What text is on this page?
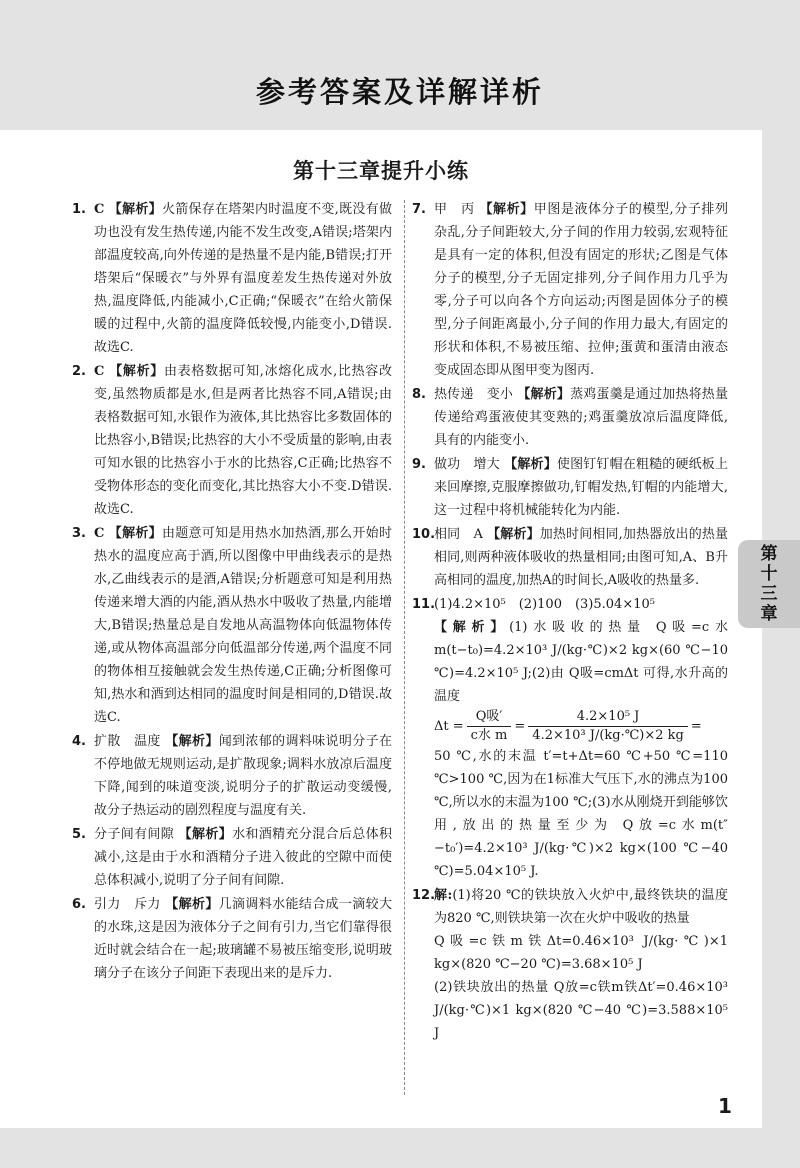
参考答案及详解详析
第
十
三
章
第十三章提升小练
1. C 【解析】火箭保存在塔架内时温度不变,既没有做功也没有发生热传递,内能不发生改变,A错误;塔架内部温度较高,向外传递的是热量不是内能,B错误;打开塔架后“保暖衣”与外界有温度差发生热传递对外放热,温度降低,内能减小,C正确;“保暖衣”在给火箭保暖的过程中,火箭的温度降低较慢,内能变小,D错误.故选C.
2. C 【解析】由表格数据可知,冰熔化成水,比热容改变,虽然物质都是水,但是两者比热容不同,A错误;由表格数据可知,水银作为液体,其比热容比多数固体的比热容小,B错误;比热容的大小不受质量的影响,由表可知水银的比热容小于水的比热容,C正确;比热容不受物体形态的变化而变化,其比热容大小不变.D错误.故选C.
3. C 【解析】由题意可知是用热水加热酒,那么开始时热水的温度应高于酒,所以图像中甲曲线表示的是热水,乙曲线表示的是酒,A错误;分析题意可知是利用热传递来增大酒的内能,酒从热水中吸收了热量,内能增大,B错误;热量总是自发地从高温物体向低温物体传递,或从物体高温部分向低温部分传递,两个温度不同的物体相互接触就会发生热传递,C正确;分析图像可知,热水和酒到达相同的温度时间是相同的,D错误.故选C.
4. 扩散　温度 【解析】闻到浓郁的调料味说明分子在不停地做无规则运动,是扩散现象;调料水放凉后温度下降,闻到的味道变淡,说明分子的扩散运动变缓慢,故分子热运动的剧烈程度与温度有关.
5. 分子间有间隙 【解析】水和酒精充分混合后总体积减小,这是由于水和酒精分子进入彼此的空隙中而使总体积减小,说明了分子间有间隙.
6. 引力　斥力 【解析】几滴调料水能结合成一滴较大的水珠,这是因为液体分子之间有引力,当它们靠得很近时就会结合在一起;玻璃罐不易被压缩变形,说明玻璃分子在该分子间距下表现出来的是斥力.
7. 甲　丙 【解析】甲图是液体分子的模型,分子排列杂乱,分子间距较大,分子间的作用力较弱,宏观特征是具有一定的体积,但没有固定的形状;乙图是气体分子的模型,分子无固定排列,分子间作用力几乎为零,分子可以向各个方向运动;丙图是固体分子的模型,分子间距离最小,分子间的作用力最大,有固定的形状和体积,不易被压缩、拉伸;蛋黄和蛋清由液态变成固态即从图甲变为图丙.
8. 热传递　变小 【解析】蒸鸡蛋羹是通过加热将热量传递给鸡蛋液使其变熟的;鸡蛋羹放凉后温度降低,具有的内能变小.
9. 做功　增大 【解析】使图钉钉帽在粗糙的硬纸板上来回摩擦,克服摩擦做功,钉帽发热,钉帽的内能增大,这一过程中将机械能转化为内能.
10.
相同　A 【解析】加热时间相同,加热器放出的热量相同,则两种液体吸收的热量相同;由图可知,A、B升高相同的温度,加热A的时间长,A吸收的热量多.
11.
(1)4.2×10⁵　(2)100　(3)5.04×10⁵
【解析】(1)水吸收的热量 Q吸=c水m(t−t₀)=4.2×10³ J/(kg·℃)×2 kg×(60 ℃−10 ℃)=4.2×10⁵ J;(2)由 Q吸=cmΔt 可得,水升高的温度
$\Delta t = \frac{\text{Q吸′}}{\text{c水 m}} = \frac{\text{4.2×10⁵ J}}{\text{4.2×10³ J/(kg·℃)×2 kg}}$ =
50 ℃,水的末温 t′=t+Δt=60 ℃+50 ℃=110 ℃>100 ℃,因为在1标准大气压下,水的沸点为100 ℃,所以水的末温为100 ℃;(3)水从刚烧开到能够饮用,放出的热量至少为 Q放=c水m(t″−t₀′)=4.2×10³ J/(kg·℃)×2 kg×(100 ℃−40 ℃)=5.04×10⁵ J.
12.
解:(1)将20 ℃的铁块放入火炉中,最终铁块的温度为820 ℃,则铁块第一次在火炉中吸收的热量
Q吸=c铁m铁Δt=0.46×10³ J/(kg·℃)×1 kg×(820 ℃−20 ℃)=3.68×10⁵ J
(2)铁块放出的热量 Q放=c铁m铁Δt′=0.46×10³ J/(kg·℃)×1 kg×(820 ℃−40 ℃)=3.588×10⁵ J
1
